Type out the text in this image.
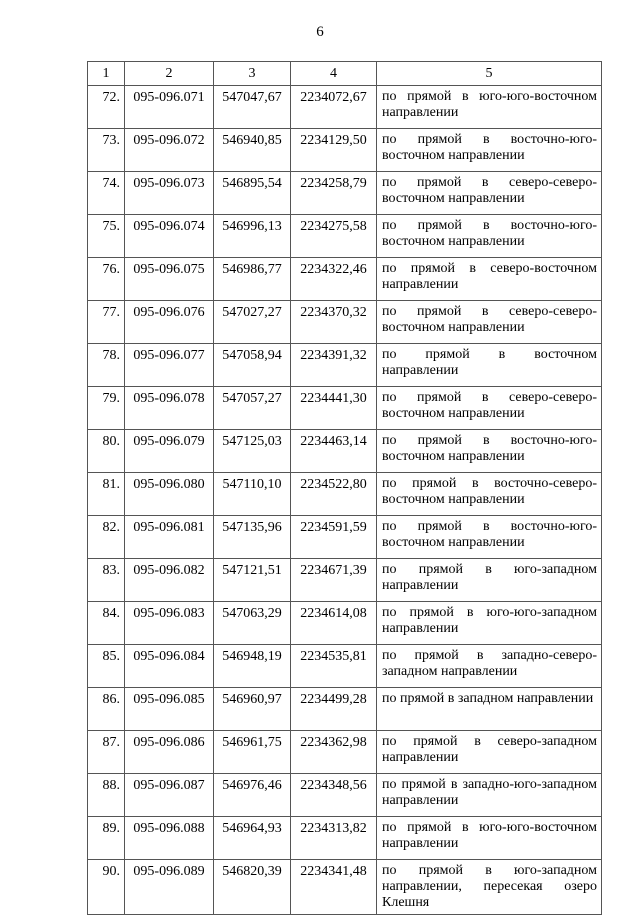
6
1	2	3	4	5
72.	095-096.071	547047,67	2234072,67	по прямой в юго-юго-восточном направлении
73.	095-096.072	546940,85	2234129,50	по прямой в восточно-юго-восточном направлении
74.	095-096.073	546895,54	2234258,79	по прямой в северо-северо-восточном направлении
75.	095-096.074	546996,13	2234275,58	по прямой в восточно-юго-восточном направлении
76.	095-096.075	546986,77	2234322,46	по прямой в северо-восточном направлении
77.	095-096.076	547027,27	2234370,32	по прямой в северо-северо-восточном направлении
78.	095-096.077	547058,94	2234391,32	по прямой в восточном направлении
79.	095-096.078	547057,27	2234441,30	по прямой в северо-северо-восточном направлении
80.	095-096.079	547125,03	2234463,14	по прямой в восточно-юго-восточном направлении
81.	095-096.080	547110,10	2234522,80	по прямой в восточно-северо-восточном направлении
82.	095-096.081	547135,96	2234591,59	по прямой в восточно-юго-восточном направлении
83.	095-096.082	547121,51	2234671,39	по прямой в юго-западном направлении
84.	095-096.083	547063,29	2234614,08	по прямой в юго-юго-западном направлении
85.	095-096.084	546948,19	2234535,81	по прямой в западно-северо-западном направлении
86.	095-096.085	546960,97	2234499,28	по прямой в западном направлении
87.	095-096.086	546961,75	2234362,98	по прямой в северо-западном направлении
88.	095-096.087	546976,46	2234348,56	по прямой в западно-юго-западном направлении
89.	095-096.088	546964,93	2234313,82	по прямой в юго-юго-восточном направлении
90.	095-096.089	546820,39	2234341,48	по прямой в юго-западном направлении, пересекая озеро Клешня
